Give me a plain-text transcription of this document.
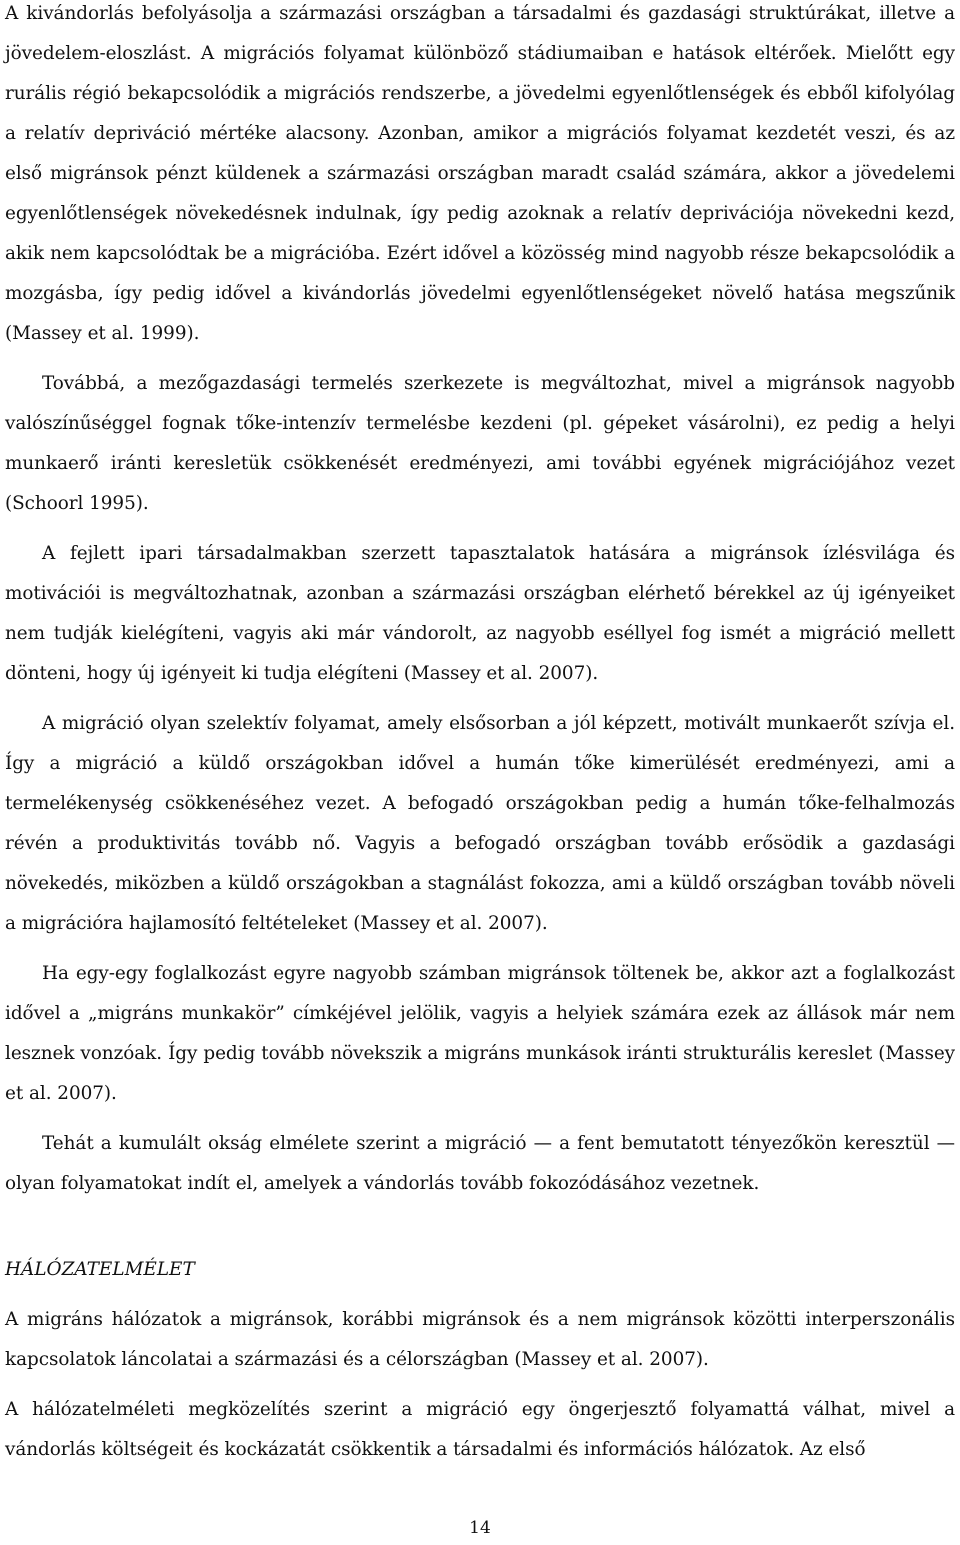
A kivándorlás befolyásolja a származási országban a társadalmi és gazdasági struktúrákat, illetve a jövedelem-eloszlást. A migrációs folyamat különböző stádiumaiban e hatások eltérőek. Mielőtt egy rurális régió bekapcsolódik a migrációs rendszerbe, a jövedelmi egyenlőtlenségek és ebből kifolyólag a relatív depriváció mértéke alacsony. Azonban, amikor a migrációs folyamat kezdetét veszi, és az első migránsok pénzt küldenek a származási országban maradt család számára, akkor a jövedelemi egyenlőtlenségek növekedésnek indulnak, így pedig azoknak a relatív deprivációja növekedni kezd, akik nem kapcsolódtak be a migrációba. Ezért idővel a közösség mind nagyobb része bekapcsolódik a mozgásba, így pedig idővel a kivándorlás jövedelmi egyenlőtlenségeket növelő hatása megszűnik (Massey et al. 1999).

Továbbá, a mezőgazdasági termelés szerkezete is megváltozhat, mivel a migránsok nagyobb valószínűséggel fognak tőke-intenzív termelésbe kezdeni (pl. gépeket vásárolni), ez pedig a helyi munkaerő iránti keresletük csökkenését eredményezi, ami további egyének migrációjához vezet (Schoorl 1995).

A fejlett ipari társadalmakban szerzett tapasztalatok hatására a migránsok ízlésvilága és motivációi is megváltozhatnak, azonban a származási országban elérhető bérekkel az új igényeiket nem tudják kielégíteni, vagyis aki már vándorolt, az nagyobb eséllyel fog ismét a migráció mellett dönteni, hogy új igényeit ki tudja elégíteni (Massey et al. 2007).

A migráció olyan szelektív folyamat, amely elsősorban a jól képzett, motivált munkaerőt szívja el. Így a migráció a küldő országokban idővel a humán tőke kimerülését eredményezi, ami a termelékenység csökkenéséhez vezet. A befogadó országokban pedig a humán tőke-felhalmozás révén a produktivitás tovább nő. Vagyis a befogadó országban tovább erősödik a gazdasági növekedés, miközben a küldő országokban a stagnálást fokozza, ami a küldő országban tovább növeli a migrációra hajlamosító feltételeket (Massey et al. 2007).

Ha egy-egy foglalkozást egyre nagyobb számban migránsok töltenek be, akkor azt a foglalkozást idővel a „migráns munkakör” címkéjével jelölik, vagyis a helyiek számára ezek az állások már nem lesznek vonzóak. Így pedig tovább növekszik a migráns munkások iránti strukturális kereslet (Massey et al. 2007).

Tehát a kumulált okság elmélete szerint a migráció — a fent bemutatott tényezőkön keresztül — olyan folyamatokat indít el, amelyek a vándorlás tovább fokozódásához vezetnek.

HÁLÓZATELMÉLET

A migráns hálózatok a migránsok, korábbi migránsok és a nem migránsok közötti interperszonális kapcsolatok láncolatai a származási és a célországban (Massey et al. 2007).

A hálózatelméleti megközelítés szerint a migráció egy öngerjesztő folyamattá válhat, mivel a vándorlás költségeit és kockázatát csökkentik a társadalmi és információs hálózatok. Az első

14
